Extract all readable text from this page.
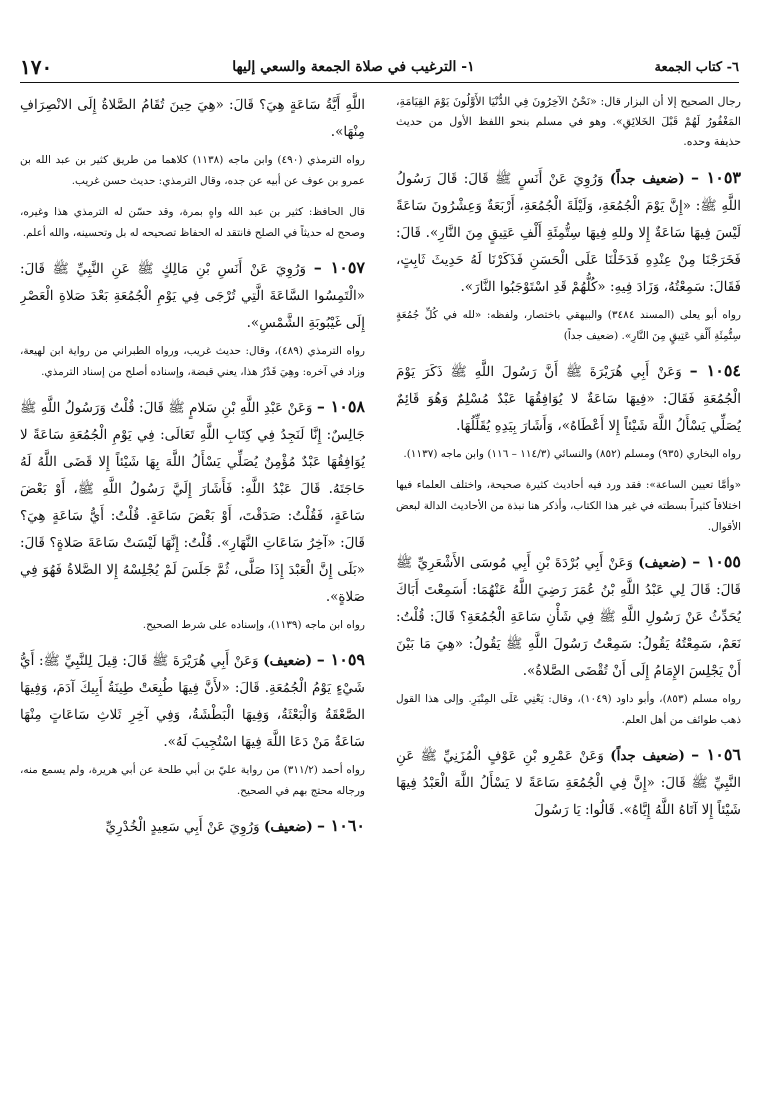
٦- كتاب الجمعة
١- الترغيب في صلاة الجمعة والسعي إليها
١٧٠

رجال الصحيح إلا أن البزار قال: «نَحْنُ الآخِرُونَ فِي الدُّنْيَا الأَوَّلُونَ يَوْمَ القِيَامَةِ، المَغْفُورُ لَهُمْ قَبْلَ الخَلائِقِ». وهو في مسلم بنحو اللفظ الأول من حديث حذيفة وحده.

١٠٥٣ – (ضعيف جداً) وَرُوِيَ عَنْ أَنَسٍ ﷺ قَالَ: قَالَ رَسُولُ اللَّهِ ﷺ: «إِنَّ يَوْمَ الْجُمُعَةِ، وَلَيْلَةَ الْجُمُعَةِ، أَرْبَعَةٌ وَعِشْرُونَ سَاعَةً لَيْسَ فِيهَا سَاعَةٌ إِلا وللهِ فِيهَا سِتُّمِئَةِ أَلْفِ عَتِيقٍ مِنَ النَّارِ». قَالَ: فَخَرَجْنَا مِنْ عِنْدِهِ فَدَخَلْنَا عَلَى الْحَسَنِ فَذَكَرْنَا لَهُ حَدِيثَ ثَابِتٍ، فَقَالَ: سَمِعْتُهُ، وَزَادَ فِيهِ: «كُلُّهُمْ قَدِ اسْتَوْجَبُوا النَّارَ».

رواه أبو يعلى (المسند ٣٤٨٤) والبيهقي باختصار، ولفظه: «لله في كُلِّ جُمُعَةٍ سِتُّمِئَةِ أَلْفِ عَتِيقٍ مِنَ النَّارِ». (ضعيف جداً)

١٠٥٤ – وَعَنْ أَبِي هُرَيْرَةَ ﷺ أَنَّ رَسُولَ اللَّهِ ﷺ ذَكَرَ يَوْمَ الْجُمُعَةِ فَقَالَ: «فِيهَا سَاعَةٌ لا يُوَافِقُهَا عَبْدٌ مُسْلِمٌ وَهُوَ قَائِمٌ يُصَلِّي يَسْأَلُ اللَّهَ شَيْئاً إِلا أَعْطَاهُ»، وَأَشَارَ بِيَدِهِ يُقَلِّلُهَا.

رواه البخاري (٩٣٥) ومسلم (٨٥٢) والنسائي (١١٤/٣ – ١١٦) وابن ماجه (١١٣٧).

«وأمَّا تعيين الساعة»: فقد ورد فيه أحاديث كثيرة صحيحة، واختلف العلماء فيها اختلافاً كثيراً بسطته في غير هذا الكتاب، وأذكر هنا نبذة من الأحاديث الدالة لبعض الأقوال.

١٠٥٥ – (ضعيف) وَعَنْ أَبِي بُرْدَةَ بْنِ أَبِي مُوسَى الأَشْعَرِيِّ ﷺ قَالَ: قَالَ لِي عَبْدُ اللَّهِ بْنُ عُمَرَ رَضِيَ اللَّهُ عَنْهُمَا: أَسَمِعْتَ أَبَاكَ يُحَدِّثُ عَنْ رَسُولِ اللَّهِ ﷺ فِي شَأْنِ سَاعَةِ الْجُمُعَةِ؟ قَالَ: قُلْتُ: نَعَمْ، سَمِعْتُهُ يَقُولُ: سَمِعْتُ رَسُولَ اللَّهِ ﷺ يَقُولُ: «هِيَ مَا بَيْنَ أَنْ يَجْلِسَ الإِمَامُ إِلَى أَنْ تُقْضَى الصَّلاةُ».

رواه مسلم (٨٥٣)، وأبو داود (١٠٤٩)، وقال: يَعْنِي عَلَى المِنْبَرِ. وإلى هذا القول ذهب طوائف من أهل العلم.

١٠٥٦ – (ضعيف جداً) وَعَنْ عَمْرِو بْنِ عَوْفٍ الْمُزَنِيِّ ﷺ عَنِ النَّبِيِّ ﷺ قَالَ: «إِنَّ فِي الْجُمُعَةِ سَاعَةً لا يَسْأَلُ اللَّهَ الْعَبْدُ فِيهَا شَيْئاً إِلا آتَاهُ اللَّهُ إِيَّاهُ». قَالُوا: يَا رَسُولَ

اللَّهِ أَيَّةُ سَاعَةٍ هِيَ؟ قَالَ: «هِيَ حِينَ تُقَامُ الصَّلاةُ إِلَى الانْصِرَافِ مِنْهَا».

رواه الترمذي (٤٩٠) وابن ماجه (١١٣٨) كلاهما من طريق كثير بن عبد الله بن عمرو بن عوف عن أبيه عن جده، وقال الترمذي: حديث حسن غريب.

قال الحافظ: كثير بن عبد الله واهٍ بمرة، وقد حسّن له الترمذي هذا وغيره، وصحح له حديثاً في الصلح فانتقد له الحفاظ تصحيحه له بل وتحسينه، والله أعلم.

١٠٥٧ – وَرُوِيَ عَنْ أَنَسِ بْنِ مَالِكٍ ﷺ عَنِ النَّبِيِّ ﷺ قَالَ: «الْتَمِسُوا السَّاعَةَ الَّتِي تُرْجَى فِي يَوْمِ الْجُمُعَةِ بَعْدَ صَلاةِ الْعَصْرِ إِلَى غَيْبُوبَةِ الشَّمْسِ».

رواه الترمذي (٤٨٩)، وقال: حديث غريب، ورواه الطبراني من رواية ابن لهيعة، وزاد في آخره: وهِيَ قَدْرُ هذا، يعني قبضة، وإسناده أصلح من إسناد الترمذي.

١٠٥٨ – وَعَنْ عَبْدِ اللَّهِ بْنِ سَلامٍ ﷺ قَالَ: قُلْتُ وَرَسُولُ اللَّهِ ﷺ جَالِسٌ: إِنَّا لَنَجِدُ فِي كِتَابِ اللَّهِ تَعَالَى: فِي يَوْمِ الْجُمُعَةِ سَاعَةً لا يُوَافِقُهَا عَبْدٌ مُؤْمِنٌ يُصَلِّي يَسْأَلُ اللَّهَ بِهَا شَيْئاً إِلا قَضَى اللَّهُ لَهُ حَاجَتَهُ. قَالَ عَبْدُ اللَّهِ: فَأَشَارَ إِلَيَّ رَسُولُ اللَّهِ ﷺ، أَوْ بَعْضَ سَاعَةٍ، فَقُلْتُ: صَدَقْتَ، أَوْ بَعْضَ سَاعَةٍ. قُلْتُ: أَيُّ سَاعَةٍ هِيَ؟ قَالَ: «آخِرُ سَاعَاتِ النَّهَارِ». قُلْتُ: إِنَّهَا لَيْسَتْ سَاعَةَ صَلاةٍ؟ قَالَ: «بَلَى إِنَّ الْعَبْدَ إِذَا صَلَّى، ثُمَّ جَلَسَ لَمْ يُجْلِسْهُ إِلا الصَّلاةُ فَهُوَ فِي صَلاةٍ».

رواه ابن ماجه (١١٣٩)، وإسناده على شرط الصحيح.

١٠٥٩ – (ضعيف) وَعَنْ أَبِي هُرَيْرَةَ ﷺ قَالَ: قِيلَ لِلنَّبِيِّ ﷺ: أَيُّ شَيْءٍ يَوْمُ الْجُمُعَةِ. قَالَ: «لأَنَّ فِيهَا طُبِعَتْ طِينَةُ أَبِيكَ آدَمَ، وَفِيهَا الصَّعْقَةُ وَالْبَعْثَةُ، وَفِيهَا الْبَطْشَةُ، وَفِي آخِرِ ثَلاثِ سَاعَاتٍ مِنْهَا سَاعَةٌ مَنْ دَعَا اللَّهَ فِيهَا اسْتُجِيبَ لَهُ».

رواه أحمد (٣١١/٢) من رواية عليّ بن أبي طلحة عن أبي هريرة، ولم يسمع منه، ورجاله محتج بهم في الصحيح.

١٠٦٠ – (ضعيف) وَرُوِيَ عَنْ أَبِي سَعِيدٍ الْخُدْرِيِّ
